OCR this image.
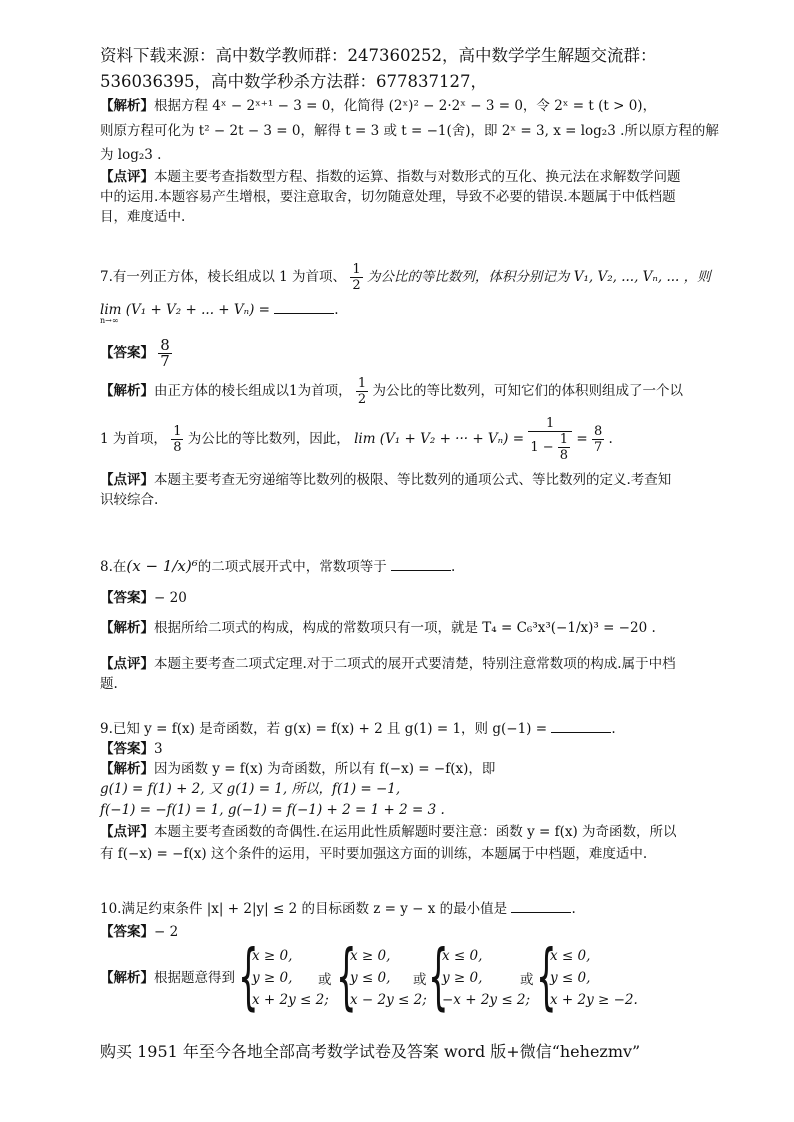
资料下载来源：高中数学教师群：247360252，高中数学学生解题交流群：
536036395，高中数学秒杀方法群：677837127，
【解析】根据方程 4ˣ − 2ˣ⁺¹ − 3 = 0，化简得 (2ˣ)² − 2·2ˣ − 3 = 0，令 2ˣ = t (t > 0)，
则原方程可化为 t² − 2t − 3 = 0，解得 t = 3 或 t = −1(舍)，即 2ˣ = 3, x = log₂3 .所以原方程的解
为 log₂3 .
【点评】本题主要考查指数型方程、指数的运算、指数与对数形式的互化、换元法在求解数学问题
中的运用.本题容易产生增根，要注意取舍，切勿随意处理，导致不必要的错误.本题属于中低档题
目，难度适中.
7.有一列正方体，棱长组成以 1 为首项、 $\frac{1}{2}$ 为公比的等比数列，体积分别记为 V₁, V₂, ..., Vₙ, ... ，则
lim (V₁ + V₂ + ... + Vₙ) =	.
n→∞
【答案】 $\frac{8}{7}$
【解析】由正方体的棱长组成以1为首项， $\frac{1}{2}$ 为公比的等比数列，可知它们的体积则组成了一个以
1 为首项， $\frac{1}{8}$ 为公比的等比数列，因此， lim (V₁ + V₂ + ··· + $V_n) = \frac{1}{1 - \frac{1}{8}} = \frac{8}{7}$ .
【点评】本题主要考查无穷递缩等比数列的极限、等比数列的通项公式、等比数列的定义.考查知
识较综合.
8.在(x − 1/x)⁶的二项式展开式中，常数项等于	.
【答案】− 20
【解析】根据所给二项式的构成，构成的常数项只有一项，就是 T₄ = C₆³x³(−1/x)³ = −20 .
【点评】本题主要考查二项式定理.对于二项式的展开式要清楚，特别注意常数项的构成.属于中档
题.
9.已知 y = f(x) 是奇函数，若 g(x) = f(x) + 2 且 g(1) = 1，则 g(−1) =	.
【答案】3
【解析】因为函数 y = f(x) 为奇函数，所以有 f(−x) = −f(x)，即
g(1) = f(1) + 2, 又 g(1) = 1, 所以，f(1) = −1,
f(−1) = −f(1) = 1, g(−1) = f(−1) + 2 = 1 + 2 = 3 .
【点评】本题主要考查函数的奇偶性.在运用此性质解题时要注意：函数 y = f(x) 为奇函数，所以
有 f(−x) = −f(x) 这个条件的运用，平时要加强这方面的训练，本题属于中档题，难度适中.
10.满足约束条件 |x| + 2|y| ≤ 2 的目标函数 z = y − x 的最小值是	.
【答案】− 2
【解析】根据题意得到 {
x ≥ 0,
y ≥ 0,
x + 2y ≤ 2;
或 {
x ≥ 0,
y ≤ 0,
x − 2y ≤ 2;
或 {
x ≤ 0,
y ≥ 0,
−x + 2y ≤ 2;
或 {
x ≤ 0,
y ≤ 0,
x + 2y ≥ −2.
购买 1951 年至今各地全部高考数学试卷及答案 word 版+微信“hehezmv”
